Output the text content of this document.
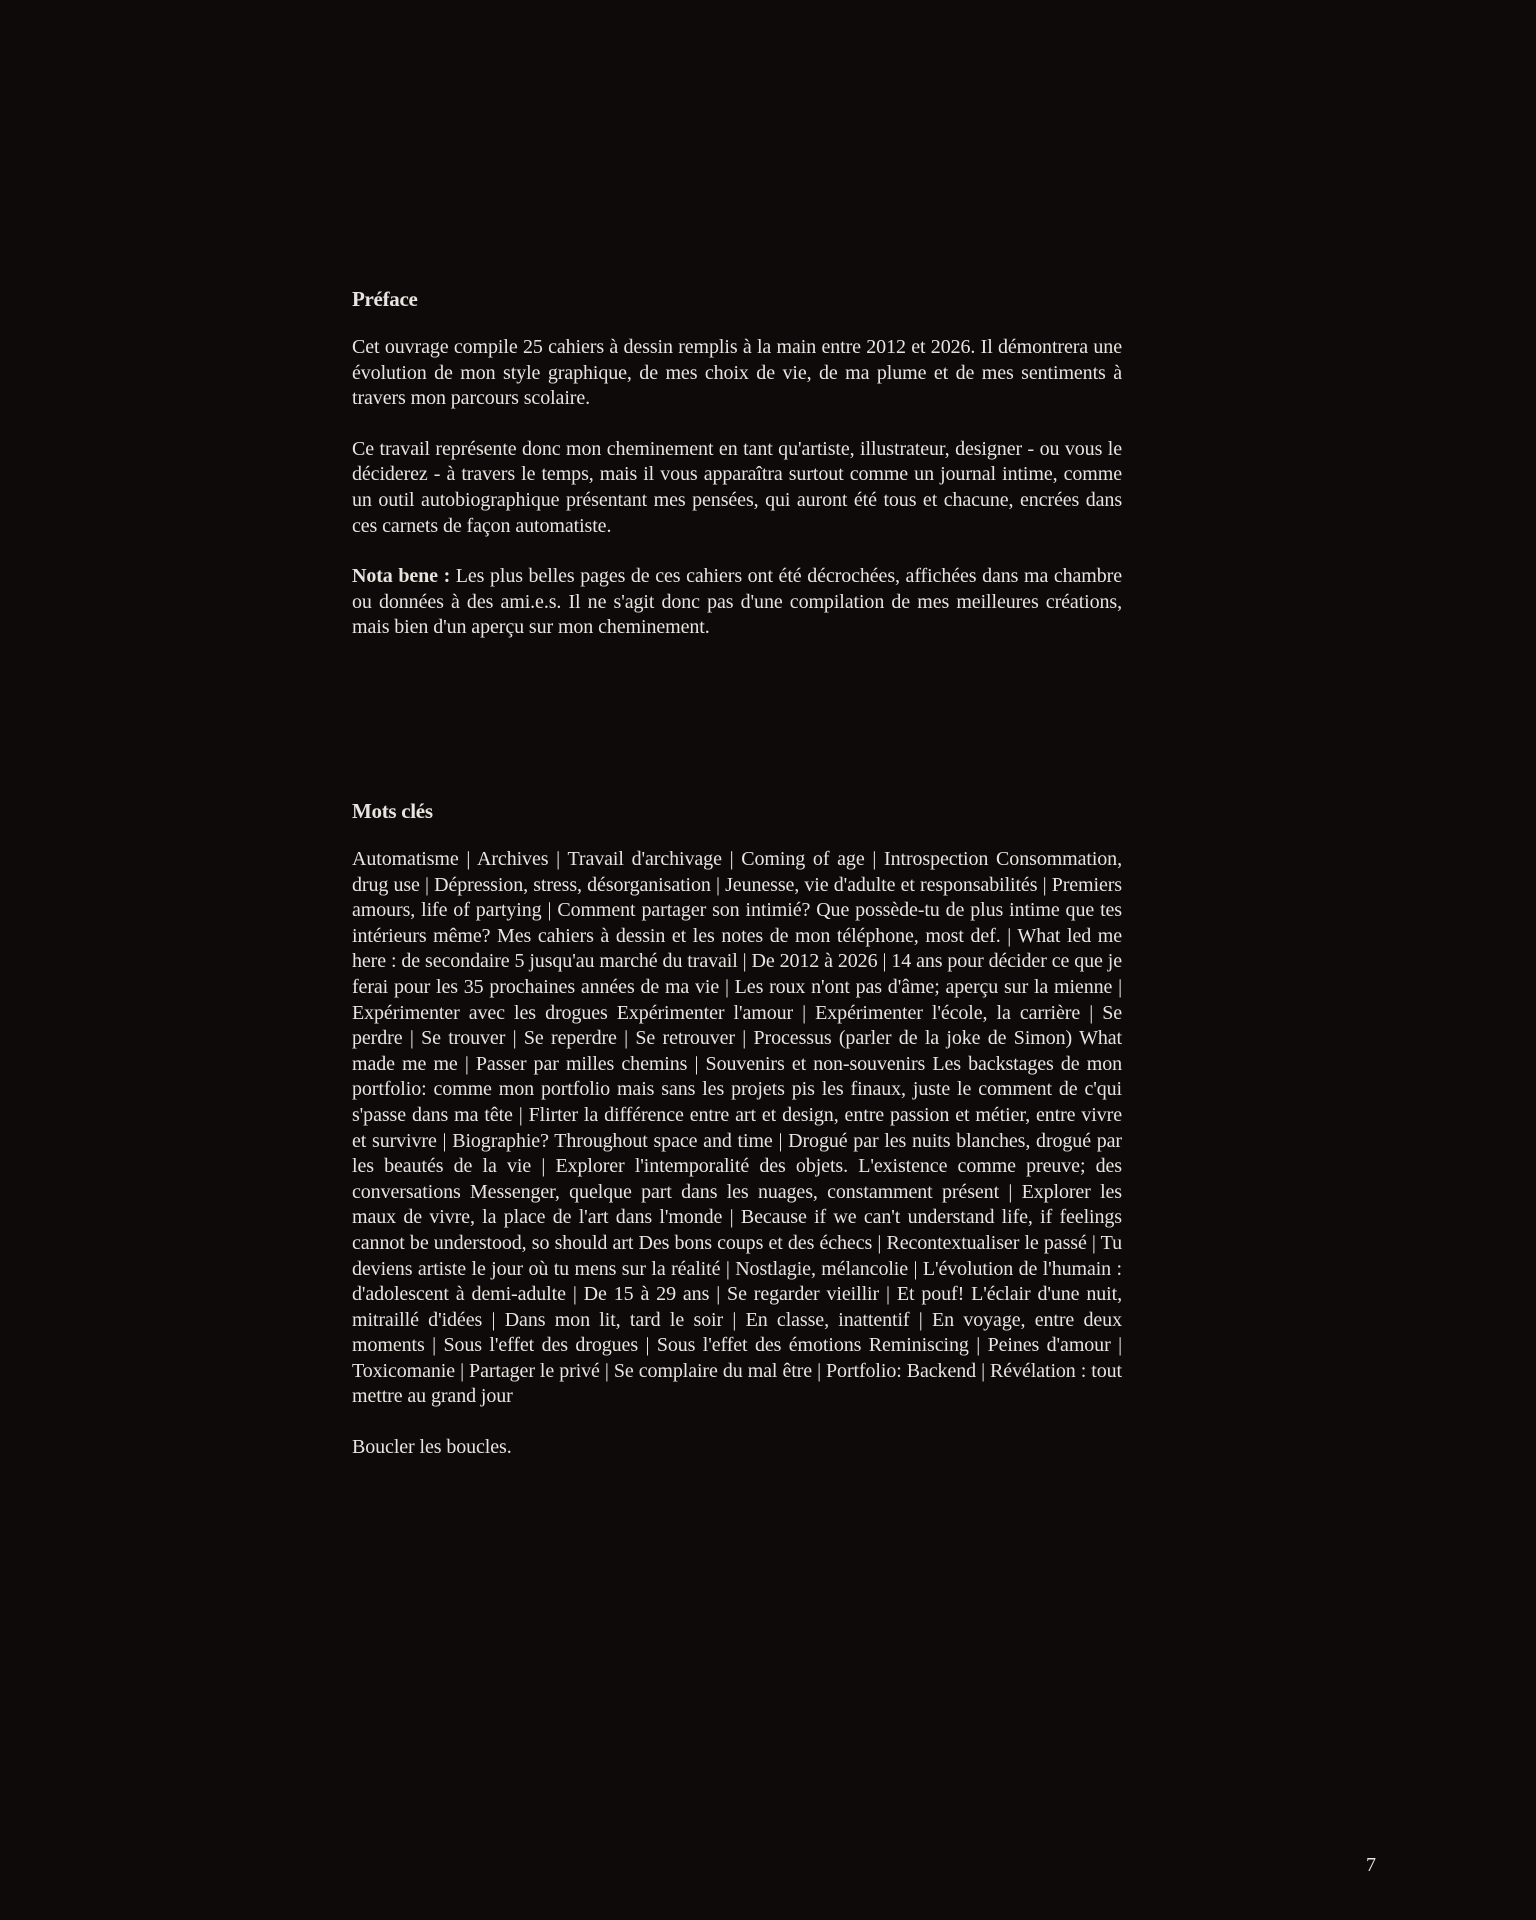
Préface

Cet ouvrage compile 25 cahiers à dessin remplis à la main entre 2012 et 2026. Il démontrera une évolution de mon style graphique, de mes choix de vie, de ma plume et de mes sentiments à travers mon parcours scolaire.

Ce travail représente donc mon cheminement en tant qu'artiste, illustrateur, designer - ou vous le déciderez - à travers le temps, mais il vous apparaîtra surtout comme un journal intime, comme un outil autobiographique présentant mes pensées, qui auront été tous et chacune, encrées dans ces carnets de façon automatiste.

Nota bene : Les plus belles pages de ces cahiers ont été décrochées, affichées dans ma chambre ou données à des ami.e.s. Il ne s'agit donc pas d'une compilation de mes meilleures créations, mais bien d'un aperçu sur mon cheminement.

Mots clés

Automatisme | Archives | Travail d'archivage | Coming of age | Introspection Consommation, drug use | Dépression, stress, désorganisation | Jeunesse, vie d'adulte et responsabilités | Premiers amours, life of partying | Comment partager son intimié? Que possède-tu de plus intime que tes intérieurs même? Mes cahiers à dessin et les notes de mon téléphone, most def. | What led me here : de secondaire 5 jusqu'au marché du travail | De 2012 à 2026 | 14 ans pour décider ce que je ferai pour les 35 prochaines années de ma vie | Les roux n'ont pas d'âme; aperçu sur la mienne | Expérimenter avec les drogues Expérimenter l'amour | Expérimenter l'école, la carrière | Se perdre | Se trouver | Se reperdre | Se retrouver | Processus (parler de la joke de Simon) What made me me | Passer par milles chemins | Souvenirs et non-souvenirs Les backstages de mon portfolio: comme mon portfolio mais sans les projets pis les finaux, juste le comment de c'qui s'passe dans ma tête | Flirter la différence entre art et design, entre passion et métier, entre vivre et survivre | Biographie? Throughout space and time | Drogué par les nuits blanches, drogué par les beautés de la vie | Explorer l'intemporalité des objets. L'existence comme preuve; des conversations Messenger, quelque part dans les nuages, constamment présent | Explorer les maux de vivre, la place de l'art dans l'monde | Because if we can't understand life, if feelings cannot be understood, so should art Des bons coups et des échecs | Recontextualiser le passé | Tu deviens artiste le jour où tu mens sur la réalité | Nostlagie, mélancolie | L'évolution de l'humain : d'adolescent à demi-adulte | De 15 à 29 ans | Se regarder vieillir | Et pouf! L'éclair d'une nuit, mitraillé d'idées | Dans mon lit, tard le soir | En classe, inattentif | En voyage, entre deux moments | Sous l'effet des drogues | Sous l'effet des émotions Reminiscing | Peines d'amour | Toxicomanie | Partager le privé | Se complaire du mal être | Portfolio: Backend | Révélation : tout mettre au grand jour

Boucler les boucles.

7
